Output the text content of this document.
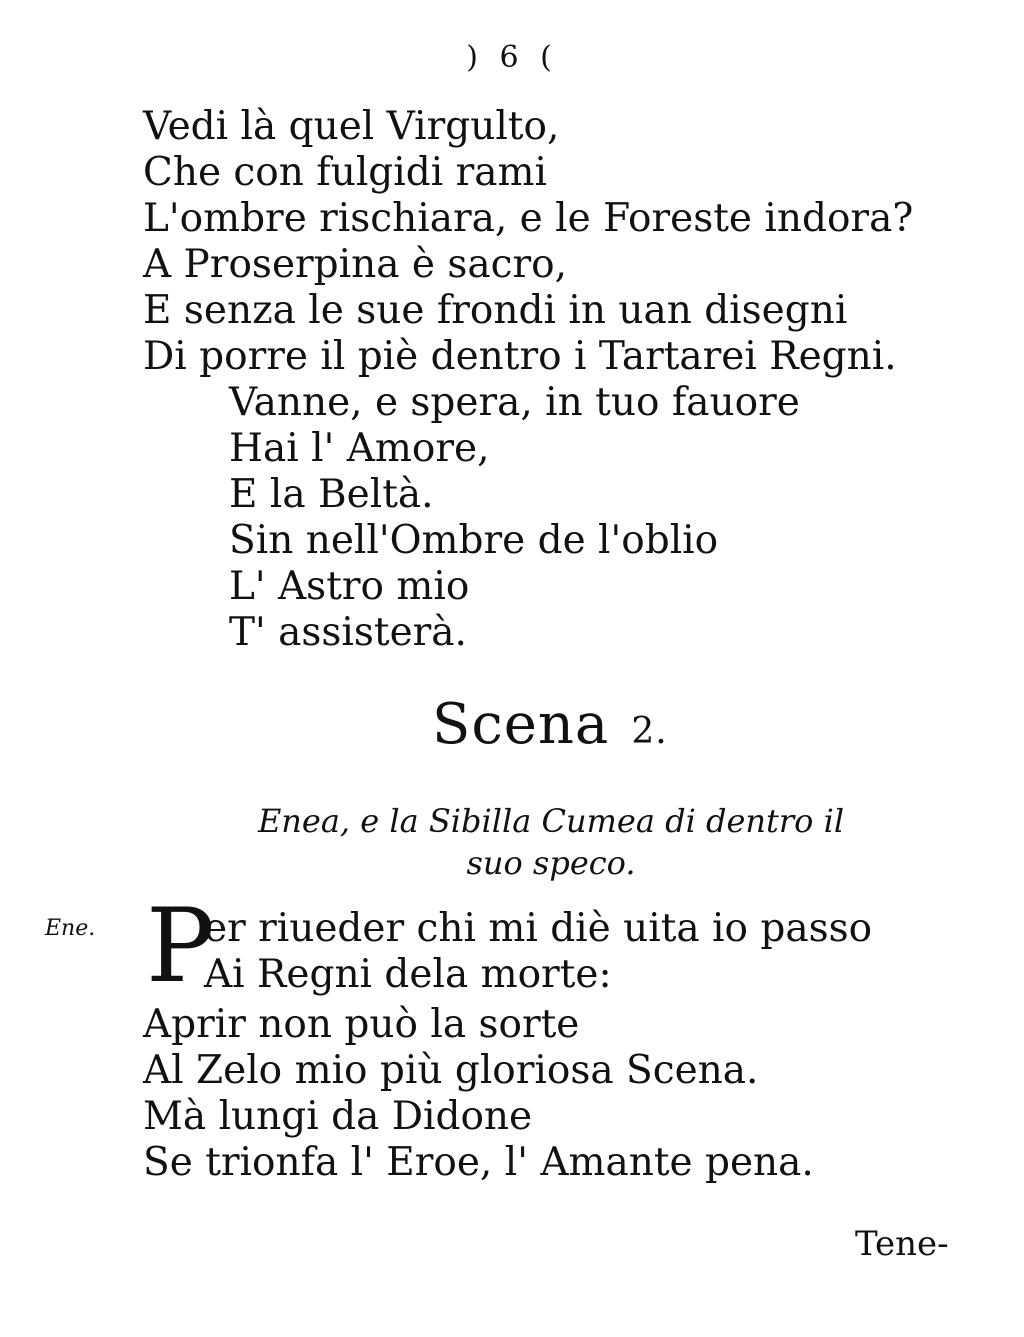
) 6 (
Vedi là quel Virgulto,
Che con fulgidi rami
L'ombre rischiara, e le Foreste indora?
A Proserpina è sacro,
E senza le sue frondi in uan disegni
Di porre il piè dentro i Tartarei Regni.
Vanne, e spera, in tuo fauore
Hai l' Amore,
E la Beltà.
Sin nell'Ombre de l'oblio
L' Astro mio
T' assisterà.
Scena 2.
Enea, e la Sibilla Cumea di dentro il
suo speco.
Ene. P
er riueder chi mi diè uita io passo
Ai Regni dela morte:
Aprir non può la sorte
Al Zelo mio più gloriosa Scena.
Mà lungi da Didone
Se trionfa l' Eroe, l' Amante pena.
Tene-
